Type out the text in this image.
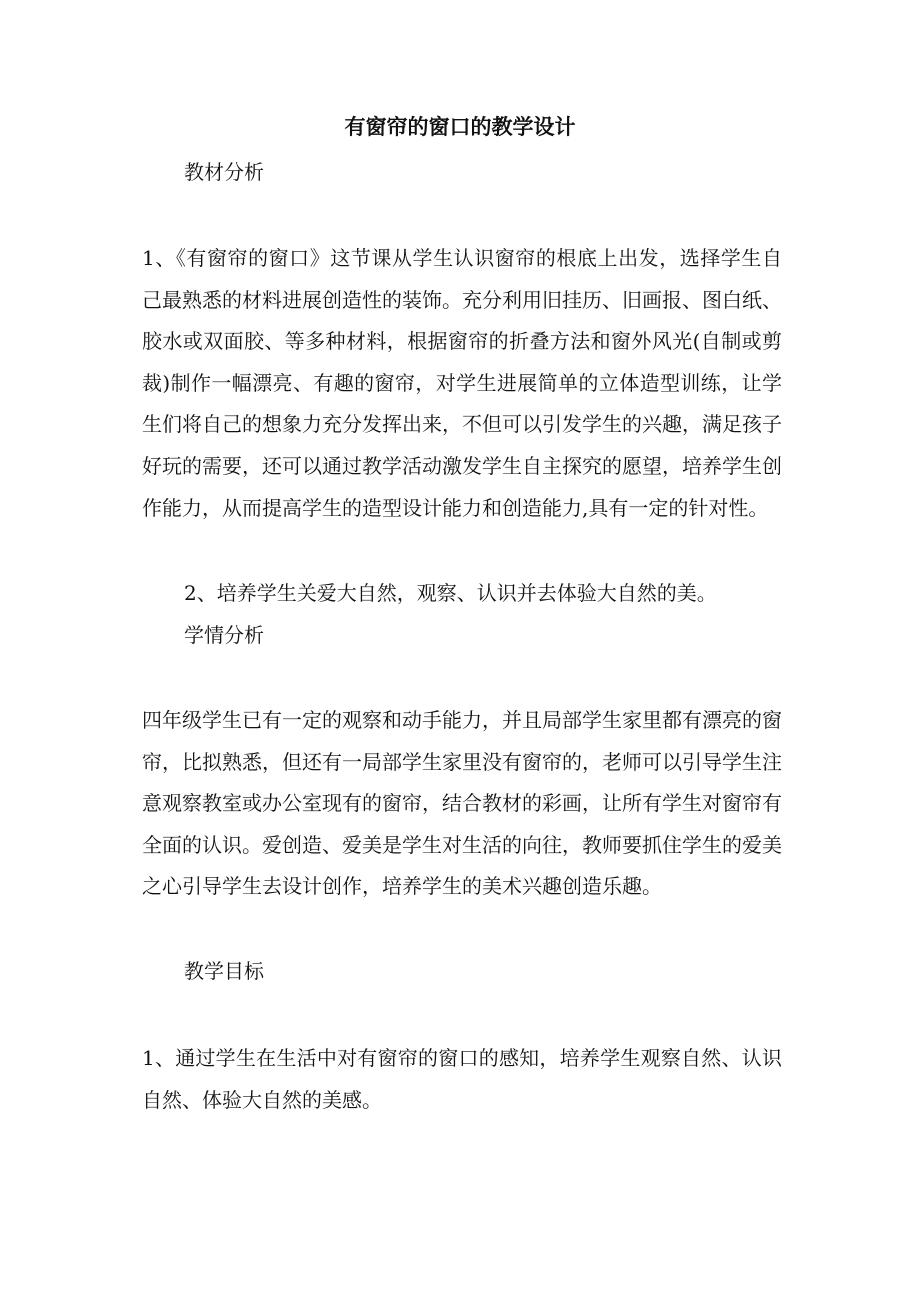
有窗帘的窗口的教学设计
教材分析

1、《有窗帘的窗口》这节课从学生认识窗帘的根底上出发，选择学生自己最熟悉的材料进展创造性的装饰。充分利用旧挂历、旧画报、图白纸、胶水或双面胶、等多种材料，根据窗帘的折叠方法和窗外风光(自制或剪裁)制作一幅漂亮、有趣的窗帘，对学生进展简单的立体造型训练，让学生们将自己的想象力充分发挥出来，不但可以引发学生的兴趣，满足孩子好玩的需要，还可以通过教学活动激发学生自主探究的愿望，培养学生创作能力，从而提高学生的造型设计能力和创造能力,具有一定的针对性。

2、培养学生关爱大自然，观察、认识并去体验大自然的美。

学情分析

四年级学生已有一定的观察和动手能力，并且局部学生家里都有漂亮的窗帘，比拟熟悉，但还有一局部学生家里没有窗帘的，老师可以引导学生注意观察教室或办公室现有的窗帘，结合教材的彩画，让所有学生对窗帘有全面的认识。爱创造、爱美是学生对生活的向往，教师要抓住学生的爱美之心引导学生去设计创作，培养学生的美术兴趣创造乐趣。

教学目标

1、通过学生在生活中对有窗帘的窗口的感知，培养学生观察自然、认识自然、体验大自然的美感。
